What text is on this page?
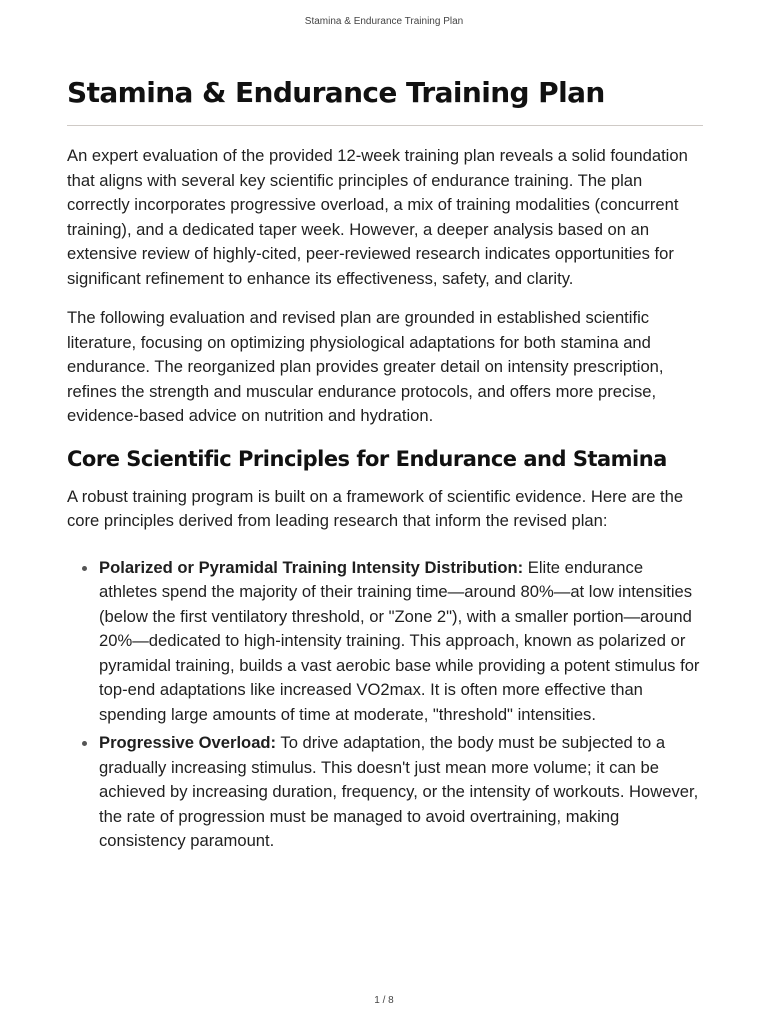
Stamina & Endurance Training Plan
Stamina & Endurance Training Plan

An expert evaluation of the provided 12-week training plan reveals a solid foundation that aligns with several key scientific principles of endurance training. The plan correctly incorporates progressive overload, a mix of training modalities (concurrent training), and a dedicated taper week. However, a deeper analysis based on an extensive review of highly-cited, peer-reviewed research indicates opportunities for significant refinement to enhance its effectiveness, safety, and clarity.

The following evaluation and revised plan are grounded in established scientific literature, focusing on optimizing physiological adaptations for both stamina and endurance. The reorganized plan provides greater detail on intensity prescription, refines the strength and muscular endurance protocols, and offers more precise, evidence-based advice on nutrition and hydration.

Core Scientific Principles for Endurance and Stamina

A robust training program is built on a framework of scientific evidence. Here are the core principles derived from leading research that inform the revised plan:

Polarized or Pyramidal Training Intensity Distribution: Elite endurance athletes spend the majority of their training time—around 80%—at low intensities (below the first ventilatory threshold, or "Zone 2"), with a smaller portion—around 20%—dedicated to high-intensity training. This approach, known as polarized or pyramidal training, builds a vast aerobic base while providing a potent stimulus for top-end adaptations like increased VO2max. It is often more effective than spending large amounts of time at moderate, "threshold" intensities.
Progressive Overload: To drive adaptation, the body must be subjected to a gradually increasing stimulus. This doesn't just mean more volume; it can be achieved by increasing duration, frequency, or the intensity of workouts. However, the rate of progression must be managed to avoid overtraining, making consistency paramount.
1 / 8
